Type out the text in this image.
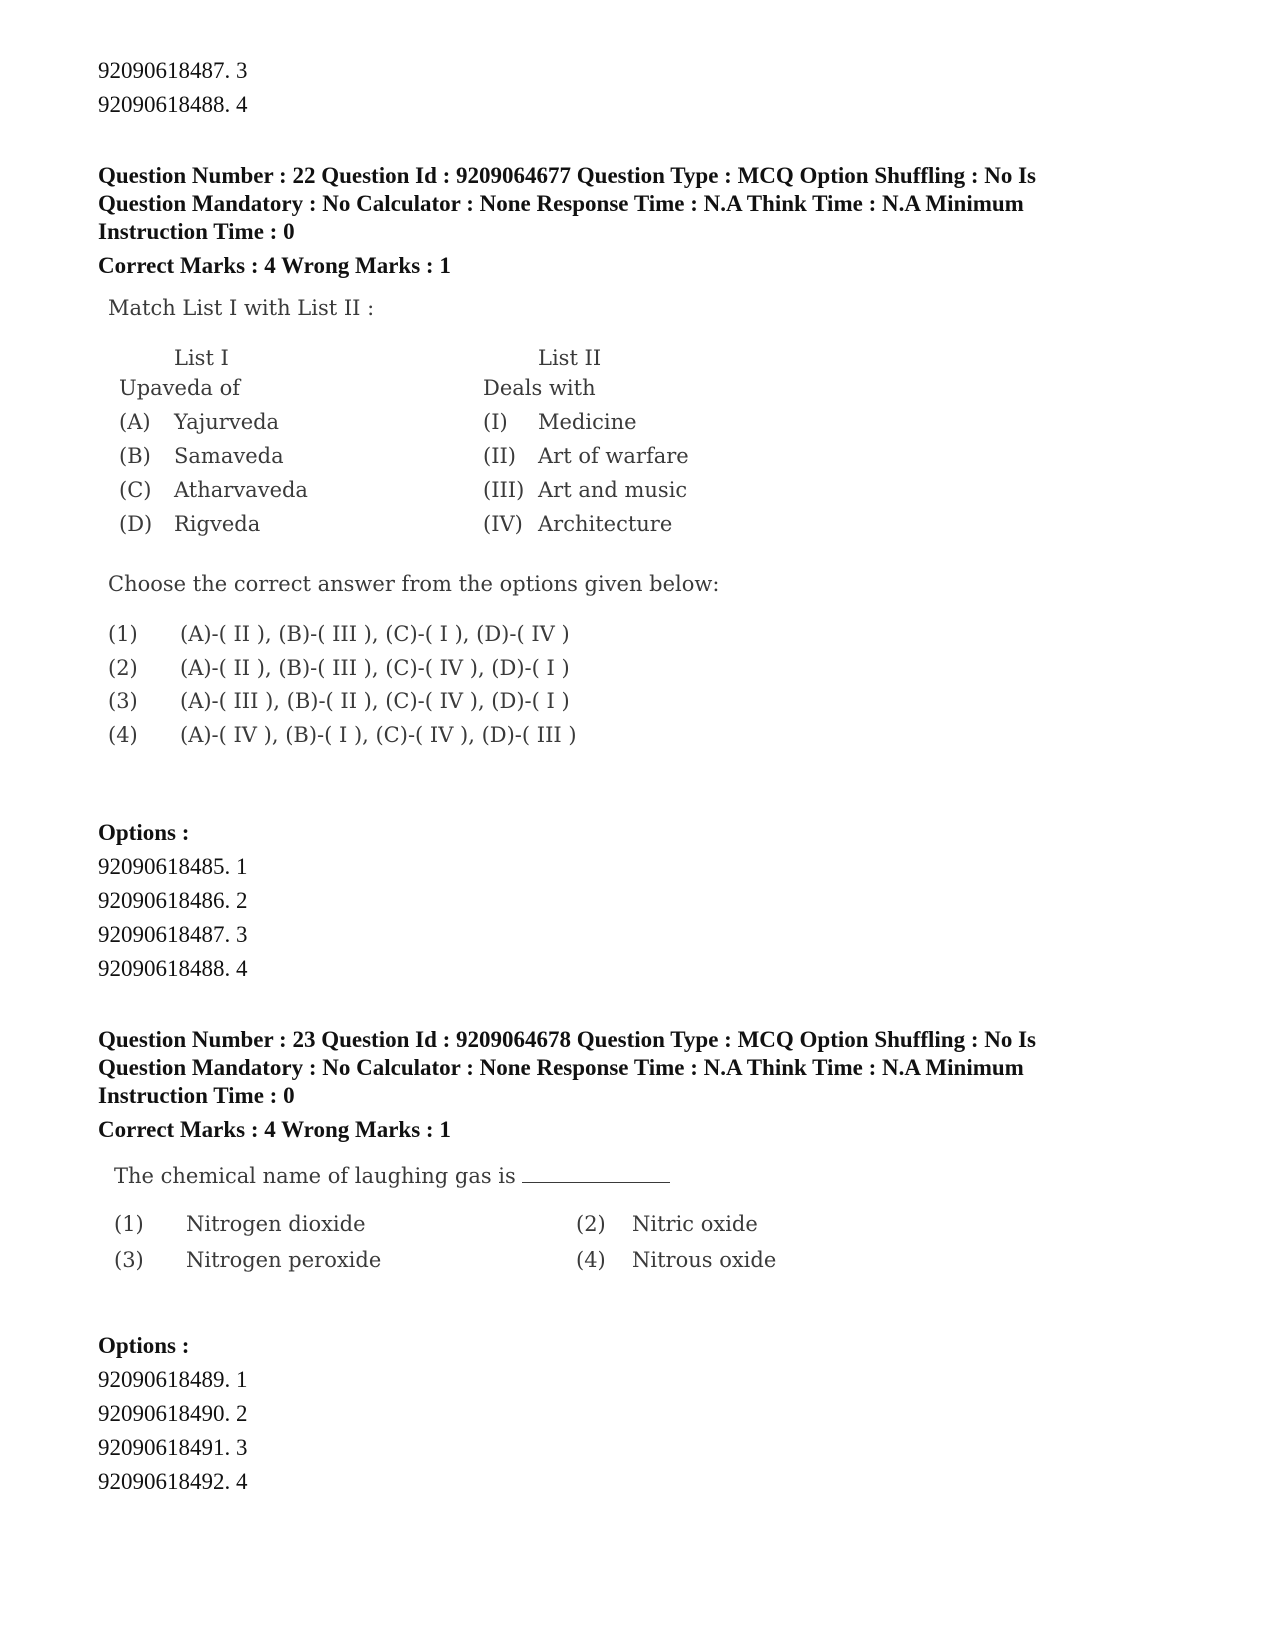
92090618487. 3
92090618488. 4
Question Number : 22 Question Id : 9209064677 Question Type : MCQ Option Shuffling : No Is Question Mandatory : No Calculator : None Response Time : N.A Think Time : N.A Minimum Instruction Time : 0
Correct Marks : 4 Wrong Marks : 1
Match List I with List II :
List I	List II
Upaveda of	Deals with
(A) Yajurveda	(I) Medicine
(B) Samaveda	(II) Art of warfare
(C) Atharvaveda	(III) Art and music
(D) Rigveda	(IV) Architecture
Choose the correct answer from the options given below:
(1) (A)-( II ), (B)-( III ), (C)-( I ), (D)-( IV )
(2) (A)-( II ), (B)-( III ), (C)-( IV ), (D)-( I )
(3) (A)-( III ), (B)-( II ), (C)-( IV ), (D)-( I )
(4) (A)-( IV ), (B)-( I ), (C)-( IV ), (D)-( III )
Options :
92090618485. 1
92090618486. 2
92090618487. 3
92090618488. 4
Question Number : 23 Question Id : 9209064678 Question Type : MCQ Option Shuffling : No Is Question Mandatory : No Calculator : None Response Time : N.A Think Time : N.A Minimum Instruction Time : 0
Correct Marks : 4 Wrong Marks : 1
The chemical name of laughing gas is
(1) Nitrogen dioxide	(2) Nitric oxide
(3) Nitrogen peroxide	(4) Nitrous oxide
Options :
92090618489. 1
92090618490. 2
92090618491. 3
92090618492. 4
